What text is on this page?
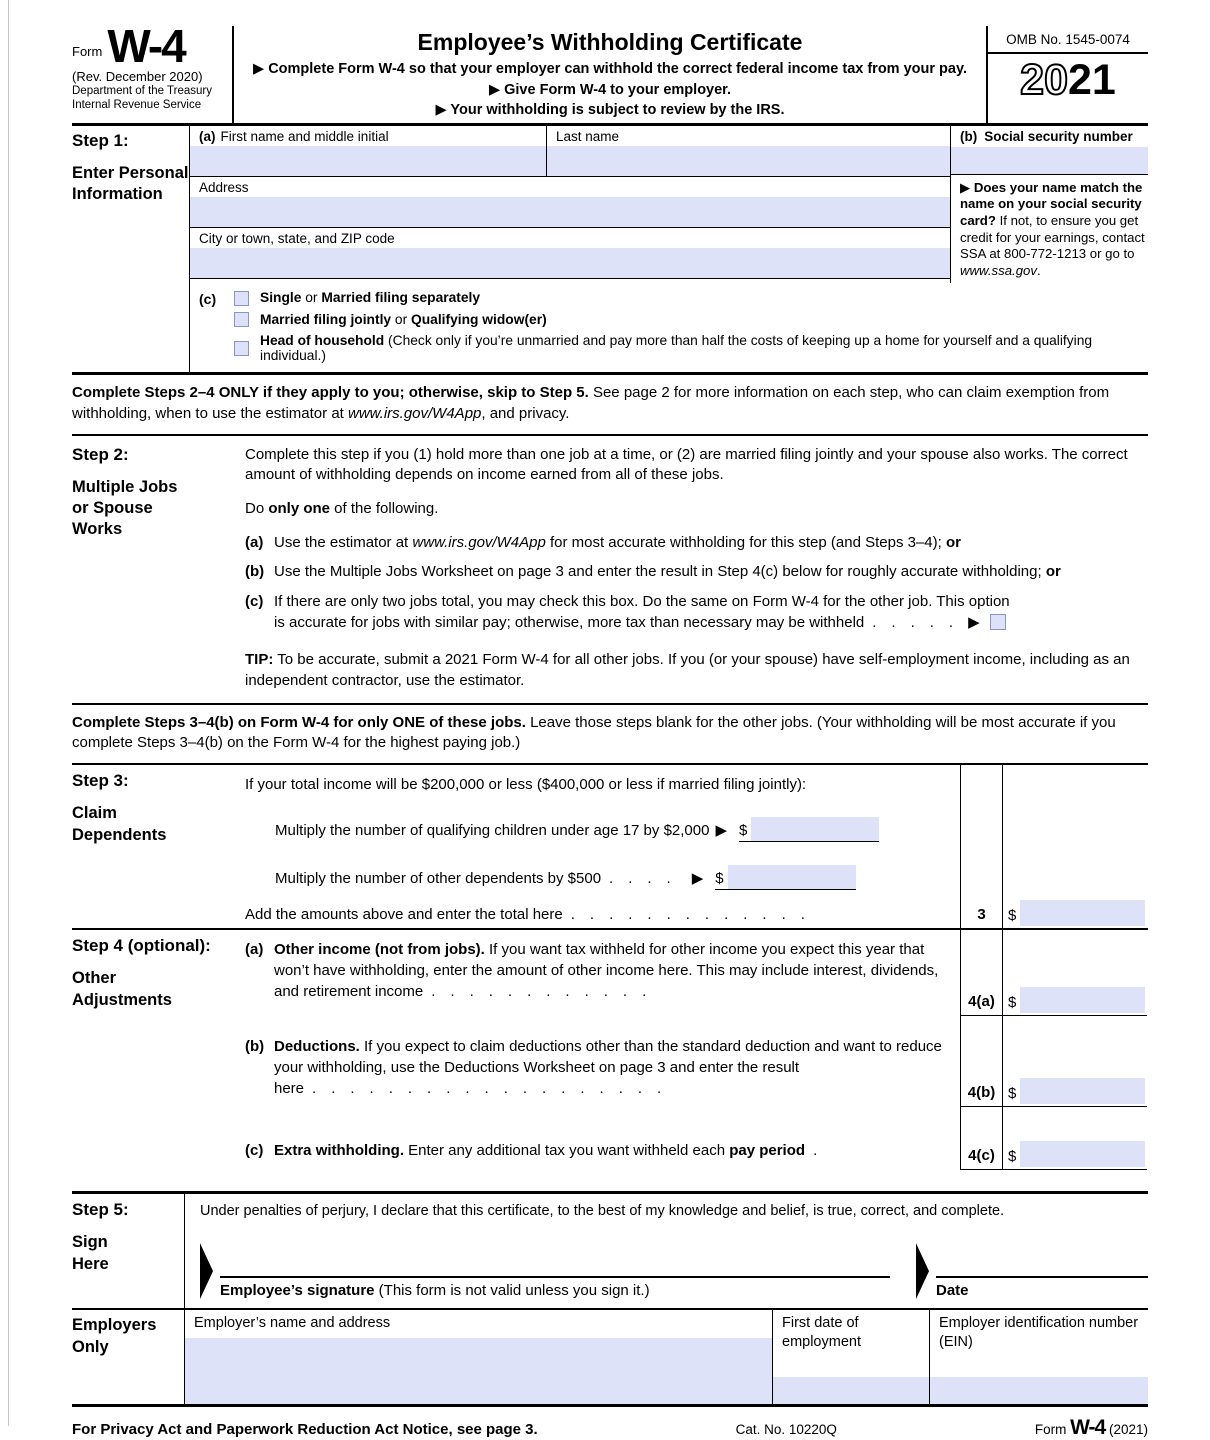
Form W-4
(Rev. December 2020)
Department of the Treasury
Internal Revenue Service
Employee’s Withholding Certificate
▶ Complete Form W-4 so that your employer can withhold the correct federal income tax from your pay.
▶ Give Form W-4 to your employer.
▶ Your withholding is subject to review by the IRS.
OMB No. 1545-0074
2021
Step 1:
Enter Personal Information
(a) First name and middle initial	Last name
Address
City or town, state, and ZIP code
(b) Social security number
▶ Does your name match the name on your social security card? If not, to ensure you get credit for your earnings, contact SSA at 800-772-1213 or go to www.ssa.gov.
(c)	Single or Married filing separately
Married filing jointly or Qualifying widow(er)
Head of household (Check only if you’re unmarried and pay more than half the costs of keeping up a home for yourself and a qualifying individual.)
Complete Steps 2–4 ONLY if they apply to you; otherwise, skip to Step 5. See page 2 for more information on each step, who can claim exemption from withholding, when to use the estimator at www.irs.gov/W4App, and privacy.
Step 2:
Multiple Jobs or Spouse Works
Complete this step if you (1) hold more than one job at a time, or (2) are married filing jointly and your spouse also works. The correct amount of withholding depends on income earned from all of these jobs.
Do only one of the following.
(a) Use the estimator at www.irs.gov/W4App for most accurate withholding for this step (and Steps 3–4); or
(b) Use the Multiple Jobs Worksheet on page 3 and enter the result in Step 4(c) below for roughly accurate withholding; or
(c) If there are only two jobs total, you may check this box. Do the same on Form W-4 for the other job. This option
is accurate for jobs with similar pay; otherwise, more tax than necessary may be withheld .....▶
TIP: To be accurate, submit a 2021 Form W-4 for all other jobs. If you (or your spouse) have self-employment income, including as an independent contractor, use the estimator.
Complete Steps 3–4(b) on Form W-4 for only ONE of these jobs. Leave those steps blank for the other jobs. (Your withholding will be most accurate if you complete Steps 3–4(b) on the Form W-4 for the highest paying job.)
Step 3:
Claim Dependents
If your total income will be $200,000 or less ($400,000 or less if married filing jointly):
Multiply the number of qualifying children under age 17 by $2,000 ▶ $
Multiply the number of other dependents by $500 .... ▶ $
Add the amounts above and enter the total here .............	3	$
Step 4 (optional):
Other Adjustments
(a) Other income (not from jobs). If you want tax withheld for other income you expect this year that won’t have withholding, enter the amount of other income here. This may include interest, dividends, and retirement income ............
4(a) $
(b) Deductions. If you expect to claim deductions other than the standard deduction and want to reduce your withholding, use the Deductions Worksheet on page 3 and enter the result here ...................	4(b) $
(c) Extra withholding. Enter any additional tax you want withheld each pay period .	4(c) $
Step 5:
Sign Here
Under penalties of perjury, I declare that this certificate, to the best of my knowledge and belief, is true, correct, and complete.
Employee’s signature (This form is not valid unless you sign it.)	Date
Employers Only
Employer’s name and address	First date of employment
Employer identification number (EIN)
For Privacy Act and Paperwork Reduction Act Notice, see page 3.	Cat. No. 10220Q	Form W-4 (2021)
